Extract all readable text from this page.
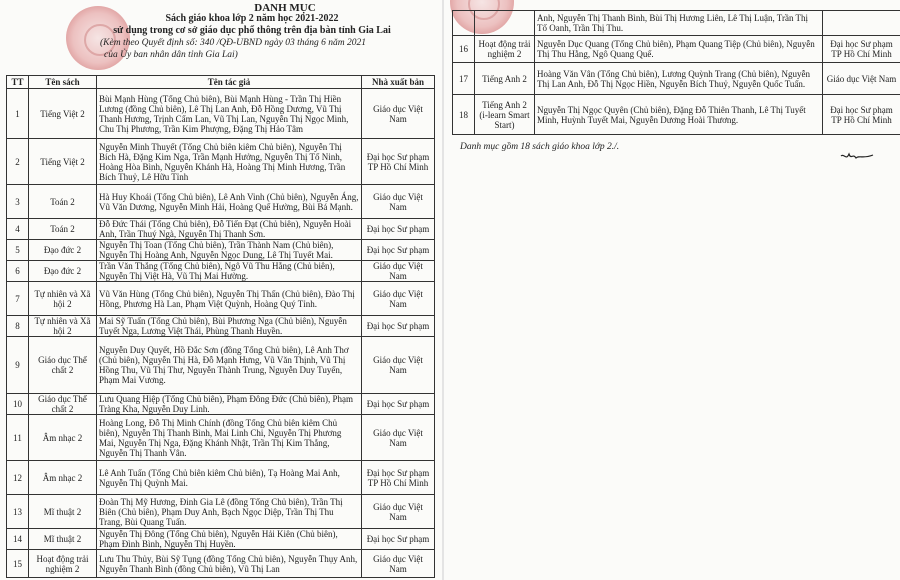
DANH MỤC
Sách giáo khoa lớp 2 năm học 2021-2022
sử dụng trong cơ sở giáo dục phổ thông trên địa bàn tỉnh Gia Lai
(Kèm theo Quyết định số: 340 /QĐ-UBND ngày 03 tháng 6 năm 2021
của Ủy ban nhân dân tỉnh Gia Lai)
TT	Tên sách	Tên tác giả	Nhà xuất bản
1	Tiếng Việt 2	Bùi Mạnh Hùng (Tổng Chủ biên), Bùi Mạnh Hùng - Trần Thị Hiền Lương (đồng Chủ biên), Lê Thị Lan Anh, Đỗ Hồng Dương, Vũ Thị Thanh Hương, Trịnh Cẩm Lan, Vũ Thị Lan, Nguyễn Thị Ngọc Minh, Chu Thị Phương, Trần Kim Phượng, Đặng Thị Hảo Tâm	Giáo dục Việt Nam
2	Tiếng Việt 2	Nguyễn Minh Thuyết (Tổng Chủ biên kiêm Chủ biên), Nguyễn Thị Bích Hà, Đặng Kim Nga, Trần Mạnh Hưởng, Nguyễn Thị Tố Ninh, Hoàng Hòa Bình, Nguyễn Khánh Hà, Hoàng Thị Minh Hương, Trần Bích Thuỷ, Lê Hữu Tỉnh	Đại học Sư phạm TP Hồ Chí Minh
3	Toán 2	Hà Huy Khoái (Tổng Chủ biên), Lê Anh Vinh (Chủ biên), Nguyễn Áng, Vũ Văn Dương, Nguyễn Minh Hải, Hoàng Quế Hường, Bùi Bá Mạnh.	Giáo dục Việt Nam
4	Toán 2	Đỗ Đức Thái (Tổng Chủ biên), Đỗ Tiến Đạt (Chủ biên), Nguyễn Hoài Anh, Trần Thuý Ngà, Nguyễn Thị Thanh Sơn.	Đại học Sư phạm
5	Đạo đức 2	Nguyễn Thị Toan (Tổng Chủ biên), Trần Thành Nam (Chủ biên), Nguyễn Thị Hoàng Anh, Nguyễn Ngọc Dung, Lê Thị Tuyết Mai.	Đại học Sư phạm
6	Đạo đức 2	Trần Văn Thắng (Tổng Chủ biên), Ngô Vũ Thu Hằng (Chủ biên), Nguyễn Thị Việt Hà, Vũ Thị Mai Hường.	Giáo dục Việt Nam
7	Tự nhiên và Xã hội 2	Vũ Văn Hùng (Tổng Chủ biên), Nguyễn Thị Thấn (Chủ biên), Đào Thị Hồng, Phương Hà Lan, Phạm Việt Quỳnh, Hoàng Quý Tỉnh.	Giáo dục Việt Nam
8	Tự nhiên và Xã hội 2	Mai Sỹ Tuấn (Tổng Chủ biên), Bùi Phương Nga (Chủ biên), Nguyễn Tuyết Nga, Lương Việt Thái, Phùng Thanh Huyền.	Đại học Sư phạm
9	Giáo dục Thể chất 2	Nguyễn Duy Quyết, Hồ Đắc Sơn (đồng Tổng Chủ biên), Lê Anh Thơ (Chủ biên), Nguyễn Thị Hà, Đỗ Mạnh Hưng, Vũ Văn Thịnh, Vũ Thị Hồng Thu, Vũ Thị Thư, Nguyễn Thành Trung, Nguyễn Duy Tuyến, Phạm Mai Vương.	Giáo dục Việt Nam
10	Giáo dục Thể chất 2	Lưu Quang Hiệp (Tổng Chủ biên), Phạm Đông Đức (Chủ biên), Phạm Tràng Kha, Nguyễn Duy Linh.	Đại học Sư phạm
11	Âm nhạc 2	Hoàng Long, Đỗ Thị Minh Chính (đồng Tổng Chủ biên kiêm Chủ biên), Nguyễn Thị Thanh Bình, Mai Linh Chi, Nguyễn Thị Phương Mai, Nguyễn Thị Nga, Đặng Khánh Nhật, Trần Thị Kim Thắng, Nguyễn Thị Thanh Vân.	Giáo dục Việt Nam
12	Âm nhạc 2	Lê Anh Tuấn (Tổng Chủ biên kiêm Chủ biên), Tạ Hoàng Mai Anh, Nguyễn Thị Quỳnh Mai.	Đại học Sư phạm TP Hồ Chí Minh
13	Mĩ thuật 2	Đoàn Thị Mỹ Hương, Đinh Gia Lê (đồng Tổng Chủ biên), Trần Thị Biên (Chủ biên), Phạm Duy Anh, Bạch Ngọc Diệp, Trần Thị Thu Trang, Bùi Quang Tuấn.	Giáo dục Việt Nam
14	Mĩ thuật 2	Nguyễn Thị Đông (Tổng Chủ biên), Nguyễn Hải Kiên (Chủ biên), Phạm Đình Bình, Nguyễn Thị Huyền.	Đại học Sư phạm
15	Hoạt động trải nghiệm 2	Lưu Thu Thủy, Bùi Sỹ Tụng (đồng Tổng Chủ biên), Nguyễn Thụy Anh, Nguyễn Thanh Bình (đồng Chủ biên), Vũ Thị Lan	Giáo dục Việt Nam
		Anh, Nguyễn Thị Thanh Bình, Bùi Thị Hương Liên, Lê Thị Luận, Trần Thị Tố Oanh, Trần Thị Thu.	
16	Hoạt động trải nghiệm 2	Nguyễn Dục Quang (Tổng Chủ biên), Phạm Quang Tiệp (Chủ biên), Nguyễn Thị Thu Hằng, Ngô Quang Quế.	Đại học Sư phạm TP Hồ Chí Minh
17	Tiếng Anh 2	Hoàng Văn Vân (Tổng Chủ biên), Lương Quỳnh Trang (Chủ biên), Nguyễn Thị Lan Anh, Đỗ Thị Ngọc Hiền, Nguyễn Bích Thuỷ, Nguyễn Quốc Tuấn.	Giáo dục Việt Nam
18	Tiếng Anh 2 (i-learn Smart Start)	Nguyễn Thị Ngọc Quyên (Chủ biên), Đặng Đỗ Thiên Thanh, Lê Thị Tuyết Minh, Huỳnh Tuyết Mai, Nguyễn Dương Hoài Thương.	Đại học Sư phạm TP Hồ Chí Minh
Danh mục gồm 18 sách giáo khoa lớp 2./.
